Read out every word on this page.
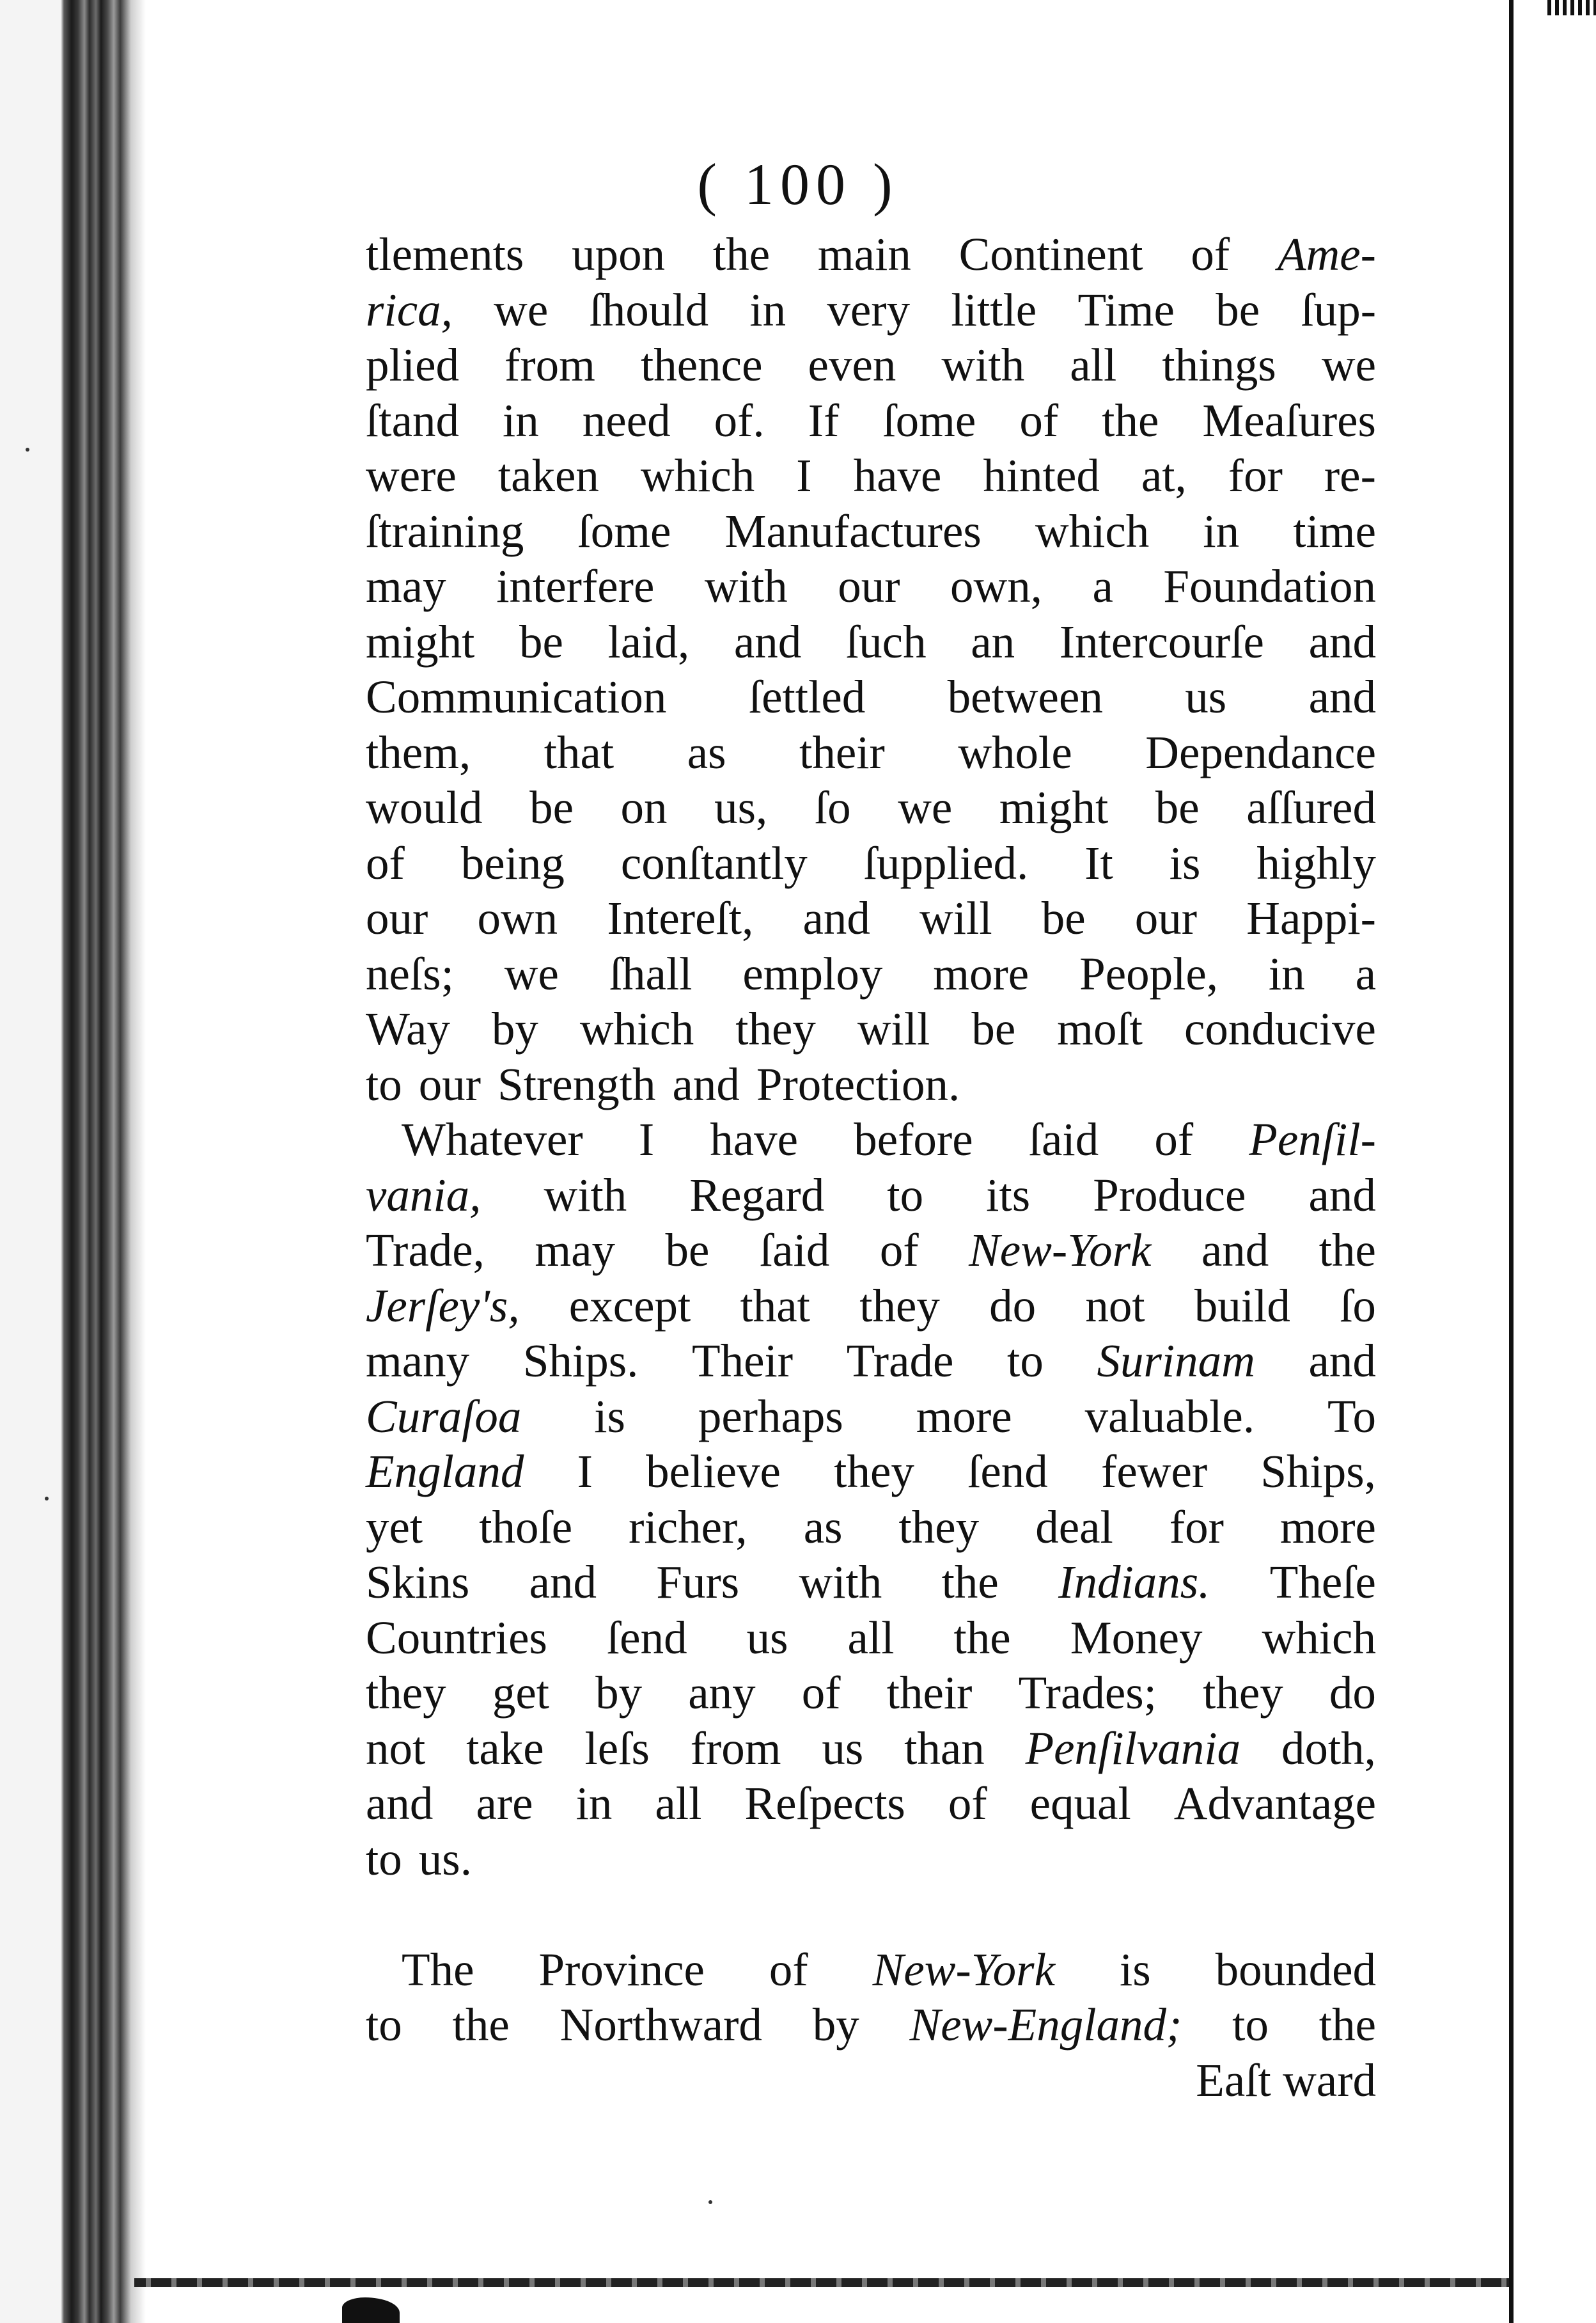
( 100 )
tlements upon the main Continent of Ame-
rica, we ſhould in very little Time be ſup-
plied from thence even with all things we
ſtand in need of. If ſome of the Meaſures
were taken which I have hinted at, for re-
ſtraining ſome Manufactures which in time
may interfere with our own, a Foundation
might be laid, and ſuch an Intercourſe and
Communication ſettled between us and
them, that as their whole Dependance
would be on us, ſo we might be aſſured
of being conſtantly ſupplied. It is highly
our own Intereſt, and will be our Happi-
neſs; we ſhall employ more People, in a
Way by which they will be moſt conducive
to our Strength and Protection.
Whatever I have before ſaid of Penſil-
vania, with Regard to its Produce and
Trade, may be ſaid of New-York and the
Jerſey's, except that they do not build ſo
many Ships. Their Trade to Surinam and
Curaſoa is perhaps more valuable. To
England I believe they ſend fewer Ships,
yet thoſe richer, as they deal for more
Skins and Furs with the Indians. Theſe
Countries ſend us all the Money which
they get by any of their Trades; they do
not take leſs from us than Penſilvania doth,
and are in all Reſpects of equal Advantage
to us.
The Province of New-York is bounded
to the Northward by New-England; to the
Eaſt ward
